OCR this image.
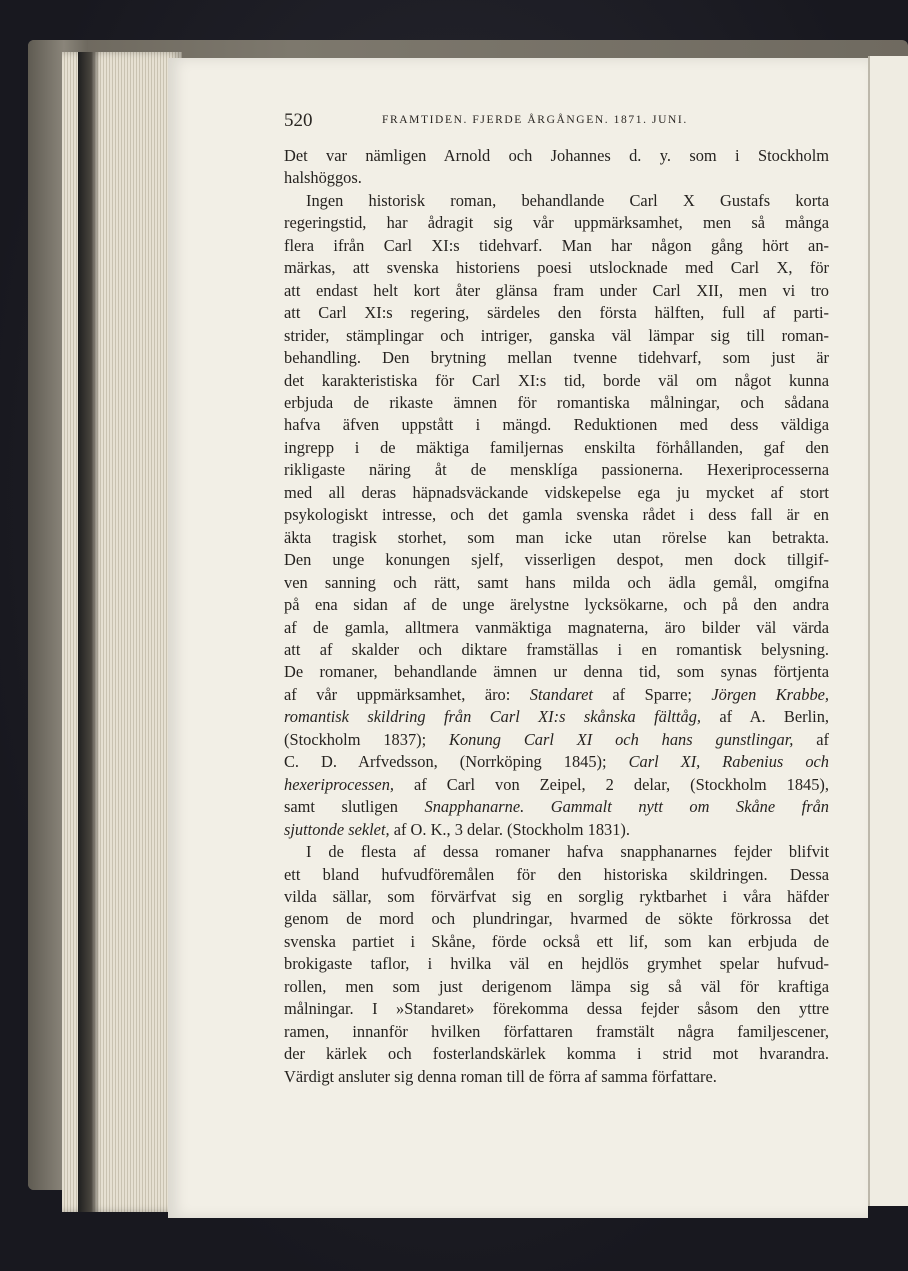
520	FRAMTIDEN. FJERDE ÅRGÅNGEN. 1871. JUNI.
Det var nämligen Arnold och Johannes d. y. som i Stockholm
halshöggos.
Ingen historisk roman, behandlande Carl X Gustafs korta
regeringstid, har ådragit sig vår uppmärksamhet, men så många
flera ifrån Carl XI:s tidehvarf. Man har någon gång hört an-
märkas, att svenska historiens poesi utslocknade med Carl X, för
att endast helt kort åter glänsa fram under Carl XII, men vi tro
att Carl XI:s regering, särdeles den första hälften, full af parti-
strider, stämplingar och intriger, ganska väl lämpar sig till roman-
behandling. Den brytning mellan tvenne tidehvarf, som just är
det karakteristiska för Carl XI:s tid, borde väl om något kunna
erbjuda de rikaste ämnen för romantiska målningar, och sådana
hafva äfven uppstått i mängd. Reduktionen med dess väldiga
ingrepp i de mäktiga familjernas enskilta förhållanden, gaf den
rikligaste näring åt de mensklíga passionerna. Hexeriprocesserna
med all deras häpnadsväckande vidskepelse ega ju mycket af stort
psykologiskt intresse, och det gamla svenska rådet i dess fall är en
äkta tragisk storhet, som man icke utan rörelse kan betrakta.
Den unge konungen sjelf, visserligen despot, men dock tillgif-
ven sanning och rätt, samt hans milda och ädla gemål, omgifna
på ena sidan af de unge ärelystne lycksökarne, och på den andra
af de gamla, alltmera vanmäktiga magnaterna, äro bilder väl värda
att af skalder och diktare framställas i en romantisk belysning.
De romaner, behandlande ämnen ur denna tid, som synas förtjenta
af vår uppmärksamhet, äro: Standaret af Sparre; Jörgen Krabbe,
romantisk skildring från Carl XI:s skånska fälttåg, af A. Berlin,
(Stockholm 1837); Konung Carl XI och hans gunstlingar, af
C. D. Arfvedsson, (Norrköping 1845); Carl XI, Rabenius och
hexeriprocessen, af Carl von Zeipel, 2 delar, (Stockholm 1845),
samt slutligen Snapphanarne. Gammalt nytt om Skåne från
sjuttonde seklet, af O. K., 3 delar. (Stockholm 1831).
I de flesta af dessa romaner hafva snapphanarnes fejder blifvit
ett bland hufvudföremålen för den historiska skildringen. Dessa
vilda sällar, som förvärfvat sig en sorglig ryktbarhet i våra häfder
genom de mord och plundringar, hvarmed de sökte förkrossa det
svenska partiet i Skåne, förde också ett lif, som kan erbjuda de
brokigaste taflor, i hvilka väl en hejdlös grymhet spelar hufvud-
rollen, men som just derigenom lämpa sig så väl för kraftiga
målningar. I »Standaret» förekomma dessa fejder såsom den yttre
ramen, innanför hvilken författaren framstält några familjescener,
der kärlek och fosterlandskärlek komma i strid mot hvarandra.
Värdigt ansluter sig denna roman till de förra af samma författare.
